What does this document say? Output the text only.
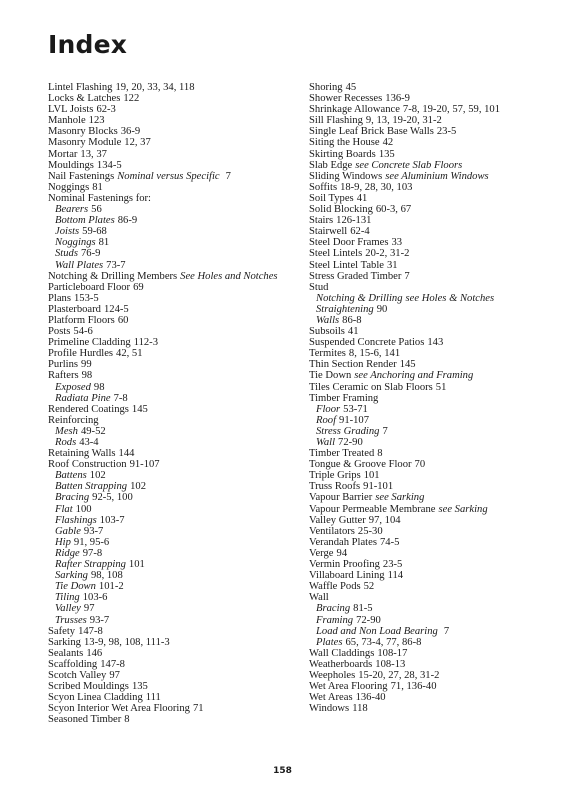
Index
Lintel Flashing 19, 20, 33, 34, 118
Locks & Latches 122
LVL Joists 62-3
Manhole 123
Masonry Blocks 36-9
Masonry Module 12, 37
Mortar 13, 37
Mouldings 134-5
Nail Fastenings Nominal versus Specific 7
Noggings 81
Nominal Fastenings for:
Bearers 56
Bottom Plates 86-9
Joists 59-68
Noggings 81
Studs 76-9
Wall Plates 73-7
Notching & Drilling Members See Holes and Notches
Particleboard Floor 69
Plans 153-5
Plasterboard 124-5
Platform Floors 60
Posts 54-6
Primeline Cladding 112-3
Profile Hurdles 42, 51
Purlins 99
Rafters 98
Exposed 98
Radiata Pine 7-8
Rendered Coatings 145
Reinforcing
Mesh 49-52
Rods 43-4
Retaining Walls 144
Roof Construction 91-107
Battens 102
Batten Strapping 102
Bracing 92-5, 100
Flat 100
Flashings 103-7
Gable 93-7
Hip 91, 95-6
Ridge 97-8
Rafter Strapping 101
Sarking 98, 108
Tie Down 101-2
Tiling 103-6
Valley 97
Trusses 93-7
Safety 147-8
Sarking 13-9, 98, 108, 111-3
Sealants 146
Scaffolding 147-8
Scotch Valley 97
Scribed Mouldings 135
Scyon Linea Cladding 111
Scyon Interior Wet Area Flooring 71
Seasoned Timber 8
Shoring 45
Shower Recesses 136-9
Shrinkage Allowance 7-8, 19-20, 57, 59, 101
Sill Flashing 9, 13, 19-20, 31-2
Single Leaf Brick Base Walls 23-5
Siting the House 42
Skirting Boards 135
Slab Edge see Concrete Slab Floors
Sliding Windows see Aluminium Windows
Soffits 18-9, 28, 30, 103
Soil Types 41
Solid Blocking 60-3, 67
Stairs 126-131
Stairwell 62-4
Steel Door Frames 33
Steel Lintels 20-2, 31-2
Steel Lintel Table 31
Stress Graded Timber 7
Stud
Notching & Drilling see Holes & Notches
Straightening 90
Walls 86-8
Subsoils 41
Suspended Concrete Patios 143
Termites 8, 15-6, 141
Thin Section Render 145
Tie Down see Anchoring and Framing
Tiles Ceramic on Slab Floors 51
Timber Framing
Floor 53-71
Roof 91-107
Stress Grading 7
Wall 72-90
Timber Treated 8
Tongue & Groove Floor 70
Triple Grips 101
Truss Roofs 91-101
Vapour Barrier see Sarking
Vapour Permeable Membrane see Sarking
Valley Gutter 97, 104
Ventilators 25-30
Verandah Plates 74-5
Verge 94
Vermin Proofing 23-5
Villaboard Lining 114
Waffle Pods 52
Wall
Bracing 81-5
Framing 72-90
Load and Non Load Bearing 7
Plates 65, 73-4, 77, 86-8
Wall Claddings 108-17
Weatherboards 108-13
Weepholes 15-20, 27, 28, 31-2
Wet Area Flooring 71, 136-40
Wet Areas 136-40
Windows 118
158
